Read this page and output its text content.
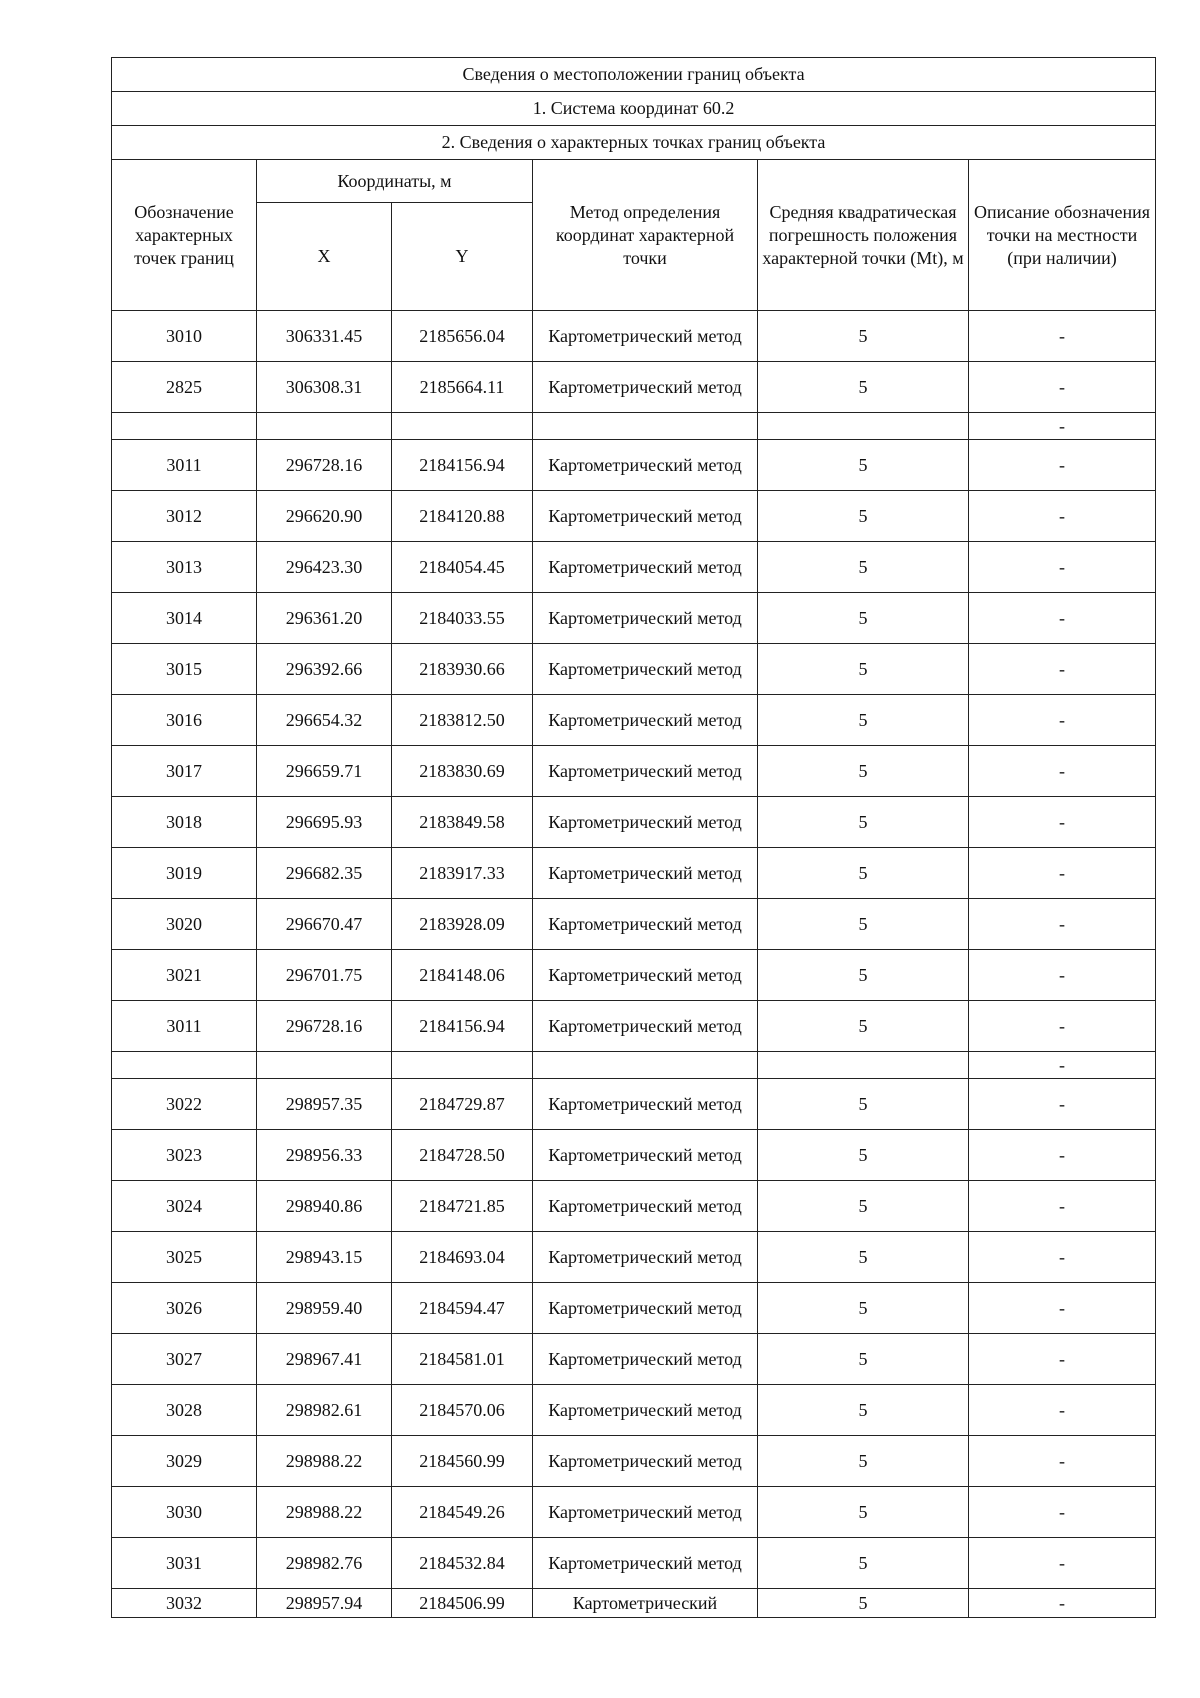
Сведения о местоположении границ объекта					
1. Система координат 60.2					
2. Сведения о характерных точках границ объекта					
Обозначение характерных точек границ	Координаты, м		Метод определения координат характерной точки	Средняя квадратическая погрешность положения характерной точки (Mt), м	Описание обозначения точки на местности (при наличии)
	X	Y			
3010	306331.45	2185656.04	Картометрический метод	5	-
2825	306308.31	2185664.11	Картометрический метод	5	-
					-
3011	296728.16	2184156.94	Картометрический метод	5	-
3012	296620.90	2184120.88	Картометрический метод	5	-
3013	296423.30	2184054.45	Картометрический метод	5	-
3014	296361.20	2184033.55	Картометрический метод	5	-
3015	296392.66	2183930.66	Картометрический метод	5	-
3016	296654.32	2183812.50	Картометрический метод	5	-
3017	296659.71	2183830.69	Картометрический метод	5	-
3018	296695.93	2183849.58	Картометрический метод	5	-
3019	296682.35	2183917.33	Картометрический метод	5	-
3020	296670.47	2183928.09	Картометрический метод	5	-
3021	296701.75	2184148.06	Картометрический метод	5	-
3011	296728.16	2184156.94	Картометрический метод	5	-
					-
3022	298957.35	2184729.87	Картометрический метод	5	-
3023	298956.33	2184728.50	Картометрический метод	5	-
3024	298940.86	2184721.85	Картометрический метод	5	-
3025	298943.15	2184693.04	Картометрический метод	5	-
3026	298959.40	2184594.47	Картометрический метод	5	-
3027	298967.41	2184581.01	Картометрический метод	5	-
3028	298982.61	2184570.06	Картометрический метод	5	-
3029	298988.22	2184560.99	Картометрический метод	5	-
3030	298988.22	2184549.26	Картометрический метод	5	-
3031	298982.76	2184532.84	Картометрический метод	5	-
3032	298957.94	2184506.99	Картометрический	5	-
